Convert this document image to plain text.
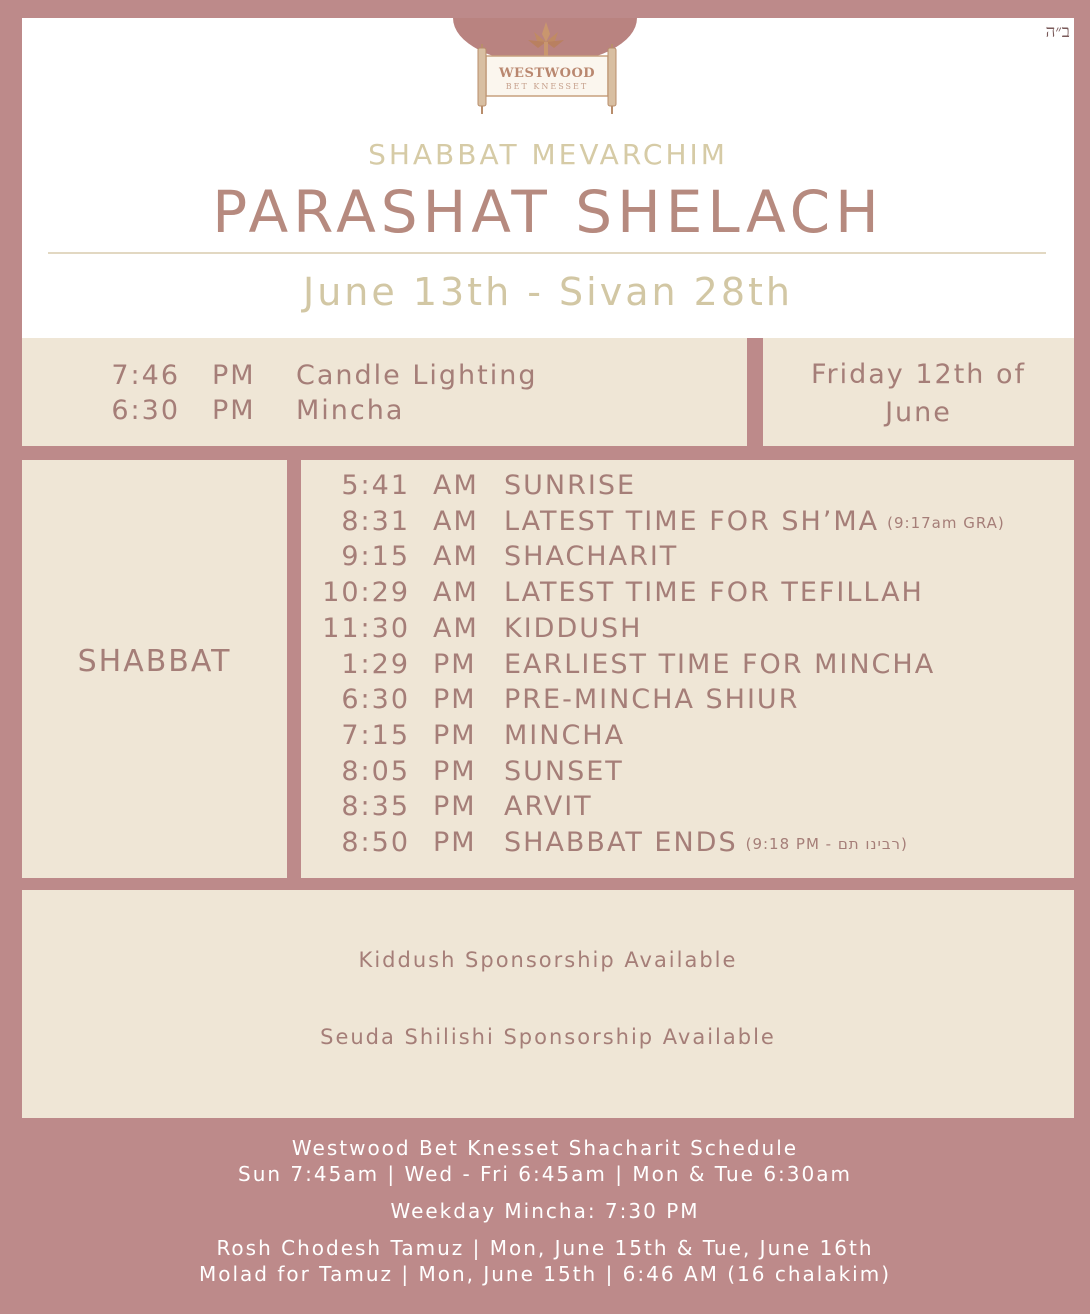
ב״ה
WESTWOOD
BET KNESSET
SHABBAT MEVARCHIM
PARASHAT SHELACH
June 13th - Sivan 28th
7:46 PM Candle Lighting
6:30 PM Mincha
Friday 12th of
June
SHABBAT
5:41 AM SUNRISE
8:31 AM LATEST TIME FOR SH’MA (9:17am GRA)
9:15 AM SHACHARIT
10:29 AM LATEST TIME FOR TEFILLAH
11:30 AM KIDDUSH
1:29 PM EARLIEST TIME FOR MINCHA
6:30 PM PRE-MINCHA SHIUR
7:15 PM MINCHA
8:05 PM SUNSET
8:35 PM ARVIT
8:50 PM SHABBAT ENDS (9:18 PM - רבינו תם)
Kiddush Sponsorship Available
Seuda Shilishi Sponsorship Available
Westwood Bet Knesset Shacharit Schedule
Sun 7:45am | Wed - Fri 6:45am | Mon & Tue 6:30am
Weekday Mincha: 7:30 PM
Rosh Chodesh Tamuz | Mon, June 15th & Tue, June 16th
Molad for Tamuz | Mon, June 15th | 6:46 AM (16 chalakim)
